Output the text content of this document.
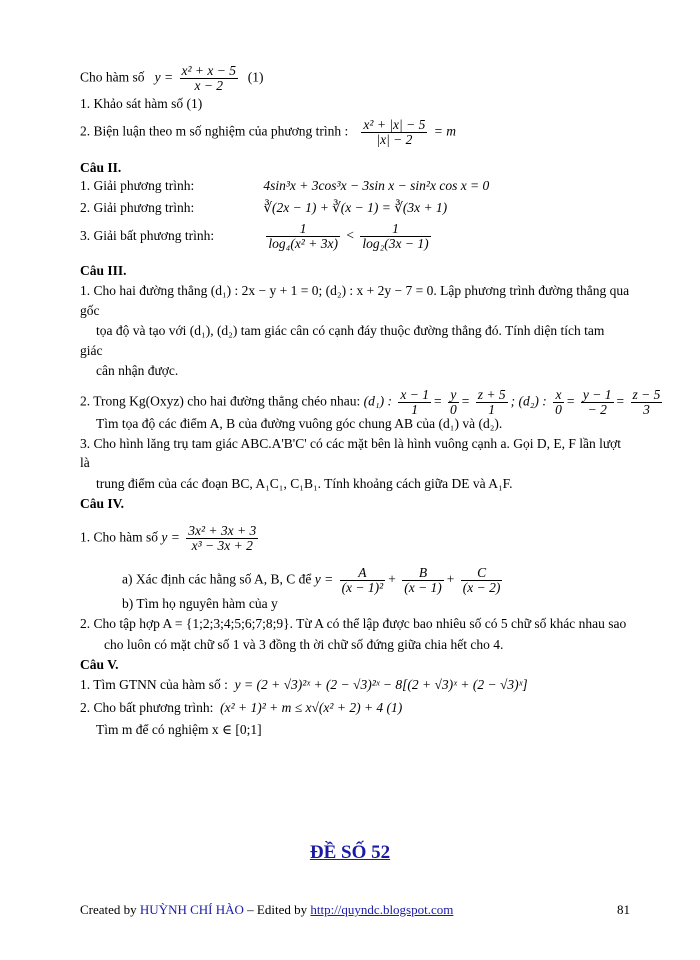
Cho hàm số $y = \frac{\text{x² + x − 5}}{x - 2} (1)$
1. Khảo sát hàm số (1)
2. Biện luận theo m số nghiệm của phương trình : $\frac{\text{x² + |x| − 5}}{|x| - 2} = m$
Câu II.
1. Giải phương trình:	4sin³x + 3cos³x − 3sin x − sin²x cos x = 0
2. Giải phương trình:	∛(2x − 1) + ∛(x − 1) = ∛(3x + 1)
3. Giải bất phương trình:	$\frac{1}{\text{log₄(x² + 3x)}} < \frac{1}{\text{log₂(3x − 1)}}$
Câu III.
1. Cho hai đường thẳng (d₁) : 2x − y + 1 = 0; (d₂) : x + 2y − 7 = 0. Lập phương trình đường thẳng qua
gốc
tọa độ và tạo với (d₁), (d₂) tam giác cân có cạnh đáy thuộc đường thẳng đó. Tính diện tích tam
giác
cân nhận được.
2. Trong Kg(Oxyz) cho hai đường thẳng chéo nhau: (d₁) : $\frac{x - 1}{1} = \frac{y}{0} = \frac{z + 5}{1}$ ; (d₂) : $\frac{x}{0} = \frac{y - 1}{- 2} = \frac{z - 5}{3}$
Tìm tọa độ các điểm A, B của đường vuông góc chung AB của (d₁) và (d₂).
3. Cho hình lăng trụ tam giác ABC.A'B'C' có các mặt bên là hình vuông cạnh a. Gọi D, E, F lần lượt
là
trung điểm của các đoạn BC, A₁C₁, C₁B₁. Tính khoảng cách giữa DE và A₁F.
Câu IV.
1. Cho hàm số $y = \frac{\text{3x² + 3x + 3}}{\text{x³ − 3x + 2}}$
a) Xác định các hằng số A, B, C để $y = \frac{A}{\text{(x − 1)²}} + \frac{B}{(x - 1)} + \frac{C}{(x - 2)}$
b) Tìm họ nguyên hàm của y
2. Cho tập hợp A = {1;2;3;4;5;6;7;8;9}. Từ A có thể lập được bao nhiêu số có 5 chữ số khác nhau sao
cho luôn có mặt chữ số 1 và 3 đồng th ời chữ số đứng giữa chia hết cho 4.
Câu V.
1. Tìm GTNN của hàm số : y = (2 + √3)²ˣ + (2 − √3)²ˣ − 8[(2 + √3)ˣ + (2 − √3)ˣ]
2. Cho bất phương trình: (x² + 1)² + m ≤ x√(x² + 2) + 4 (1)
Tìm m để có nghiệm x ∈ [0;1]
ĐỀ SỐ 52
Created by HUỲNH CHÍ HÀO – Edited by http://quyndc.blogspot.com	81
